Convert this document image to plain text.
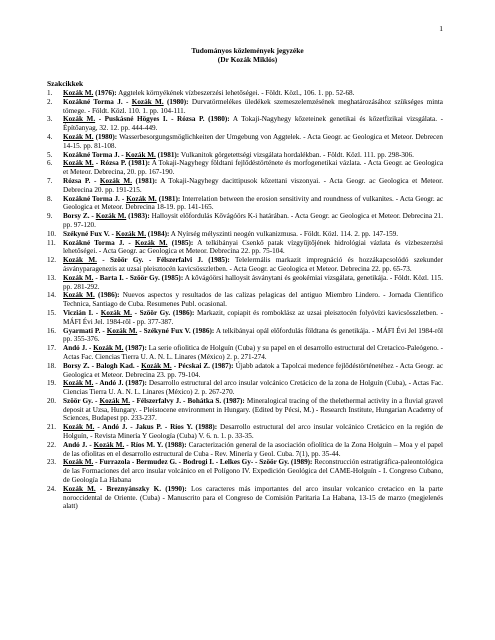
1
Tudományos közlemények jegyzéke
(Dr Kozák Miklós)
Szakcikkek
1. Kozák M. (1976): Aggtelek környékének vízbeszerzési lehetőségei. - Földt. Közl., 106. 1. pp. 52-68.
2. Kozákné Torma J. - Kozák M. (1980): Durvatörmelékes üledékek szemeszelemzésének meghatározásához szükséges minta tömege. - Földt. Közl. 110. 1. pp. 104-111.
3. Kozák M. - Puskásné Högyes I. - Rózsa P. (1980): A Tokaji-Nagyhegy kőzeteinek genetikai és kőzetfizikai vizsgálata. - Építőanyag, 32. 12. pp. 444-449.
4. Kozák M. (1980): Wasserbesorgungsmöglichkeiten der Umgebung von Aggtelek. - Acta Geogr. ac Geologica et Meteor. Debrecen 14-15. pp. 81-108.
5. Kozákné Torma J. - Kozák M. (1981): Vulkanitok görgetettségi vizsgálata hordalékban. - Földt. Közl. 111. pp. 298-306.
6. Kozák M. - Rózsa P. (1981): A Tokaji-Nagyhegy földtani fejlődéstörténete és morfogenetikai vázlata. - Acta Geogr. ac Geologica et Meteor. Debrecina, 20. pp. 167-190.
7. Rózsa P. - Kozák M. (1981): A Tokaji-Nagyhegy dacittipusok kőzettani viszonyai. - Acta Geogr. ac Geologica et Meteor. Debrecina 20. pp. 191-215.
8. Kozákné Torma J. - Kozák M. (1981): Interrelation between the erosion sensitivity and roundness of vulkanites. - Acta Geogr. ac Geologica et Meteor. Debrecina 18-19. pp. 141-165.
9. Borsy Z. - Kozák M. (1983): Halloysit előfordulás Kővágóörs K-i határában. - Acta Geogr. ac Geologica et Meteor. Debrecina 21. pp. 97-120.
10. Székyné Fux V. - Kozák M. (1984): A Nyírség mélyszinti neogén vulkanizmusa. - Földt. Közl. 114. 2. pp. 147-159.
11. Kozákné Torma J. - Kozák M. (1985): A telkibányai Csenkő patak vízgyűjtőjének hidrológiai vázlata és vízbeszerzési lehetőségei. - Acta Geogr. ac Geologica et Meteor. Debrecina 22. pp. 75-104.
12. Kozák M. - Szöör Gy. - Félszerfalvi J. (1985): Telelermális markazit impregnáció és hozzákapcsolódó szekunder ásványparagenezis az uzsai pleisztocén kavicsösszletben. - Acta Geogr. ac Geologica et Meteor. Debrecina 22. pp. 65-73.
13. Kozák M. - Barta I. - Szöör Gy. (1985): A kővágóörsi halloysit ásványtani és geokémiai vizsgálata, genetikája. - Földt. Közl. 115. pp. 281-292.
14. Kozák M. (1986): Nuevos aspectos y resultados de las calizas pelagicas del antiguo Miembro Lindero. - Jornada Cientifico Technica, Santiago de Cuba. Resumenes Publ. ocasional.
15. Viczián I. - Kozák M. - Szöör Gy. (1986): Markazit, copiapit és romboklász az uzsai pleisztocén folyóvízi kavicsösszletben. - MÁFI Évi Jel. 1984-ről - pp. 377-387.
16. Gyarmati P. - Kozák M. - Székyné Fux V. (1986): A telkibányai opál előfordulás földtana és genetikája. - MÁFI Évi Jel 1984-ről pp. 355-376.
17. Andó J. - Kozák M. (1987): La serie ofiolitica de Holguín (Cuba) y su papel en el desarrollo estructural del Cretacico-Paleógeno. - Actas Fac. Ciencias Tierra U. A. N. L. Linares (México) 2. p. 271-274.
18. Borsy Z. - Balogh Kad. - Kozák M. - Pécskai Z. (1987): Újabb adatok a Tapolcai medence fejlődéstörténetéhez - Acta Geogr. ac Geologica et Meteor. Debrecina 23. pp. 79-104.
19. Kozák M. - Andó J. (1987): Desarrollo estructural del arco insular volcánico Cretácico de la zona de Holguín (Cuba), - Actas Fac. Ciencias Tierra U. A. N. L. Linares (México) 2. p. 267-270.
20. Szöör Gy. - Kozák M. - Félszerfalvy J. - Bohátka S. (1987): Mineralogical tracing of the thelethermal activity in a fluvial gravel deposit at Uzsa, Hungary. - Pleistocene environment in Hungary. (Edited by Pécsi, M.) - Research Institute, Hungarian Academy of Sciences, Budapest pp. 233-237.
21. Kozák M. - Andó J. - Jakus P. - Ríos Y. (1988): Desarrollo estructural del arco insular volcánico Cretácico en la región de Holguín, - Revista Minería Y Geología (Cuba) V. 6. n. 1. p. 33-35.
22. Andó J. - Kozák M. - Ríos M. Y. (1988): Caracterización general de la asociación ofiolítica de la Zona Holguín – Moa y el papel de las ofiolitas en el desarrollo estructural de Cuba - Rev. Minería y Geol. Cuba. 7(1), pp. 35-44.
23. Kozák M. - Furrazola - Bermudez G. - Bodrogi I. - Lelkes Gy- - Szöör Gy. (1989): Reconstrucción estratigráfica-paleontológica de las Formaciones del arco insular volcánico en el Polígono IV. Expedición Geológica del CAME-Holguín - I. Congreso Cubano, de Geología La Habana
24. Kozák M. - Breznyánszky K. (1990): Los caracteres más importantes del arco insular volcanico cretacico en la parte noroccidental de Oriente. (Cuba) - Manuscrito para el Congreso de Comisión Paritaria La Habana, 13-15 de marzo (megjelenés alatt)
